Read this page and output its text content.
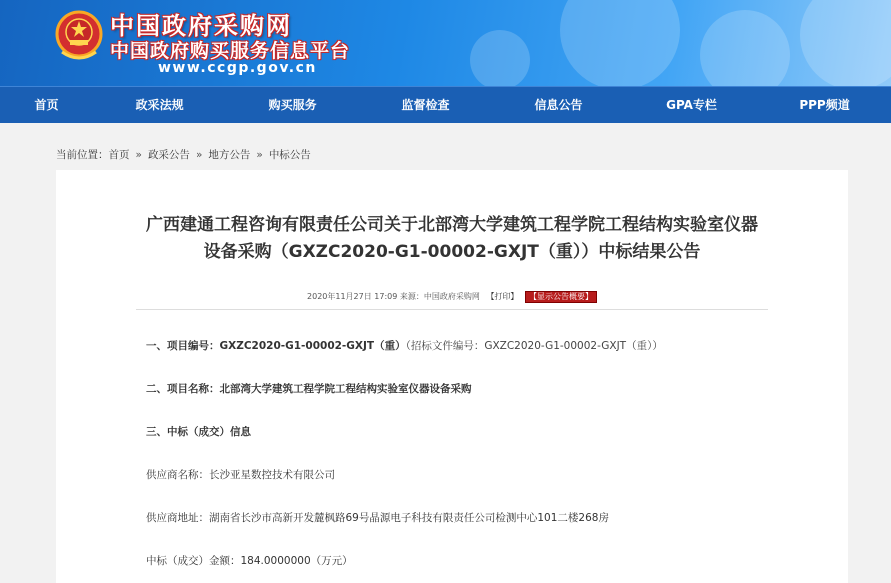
中国政府采购网
中国政府购买服务信息平台
www.ccgp.gov.cn
首页	政采法规	购买服务	监督检查	信息公告	GPA专栏	PPP频道
当前位置：首页 » 政采公告 » 地方公告 » 中标公告
广西建通工程咨询有限责任公司关于北部湾大学建筑工程学院工程结构实验室仪器
设备采购（GXZC2020-G1-00002-GXJT（重））中标结果公告
2020年11月27日 17:09 来源：中国政府采购网 【打印】 【显示公告概要】
一、项目编号：GXZC2020-G1-00002-GXJT（重）（招标文件编号：GXZC2020-G1-00002-GXJT（重））
二、项目名称：北部湾大学建筑工程学院工程结构实验室仪器设备采购
三、中标（成交）信息
供应商名称：长沙亚星数控技术有限公司
供应商地址：湖南省长沙市高新开发麓枫路69号晶源电子科技有限责任公司检测中心101二楼268房
中标（成交）金额：184.0000000（万元）
